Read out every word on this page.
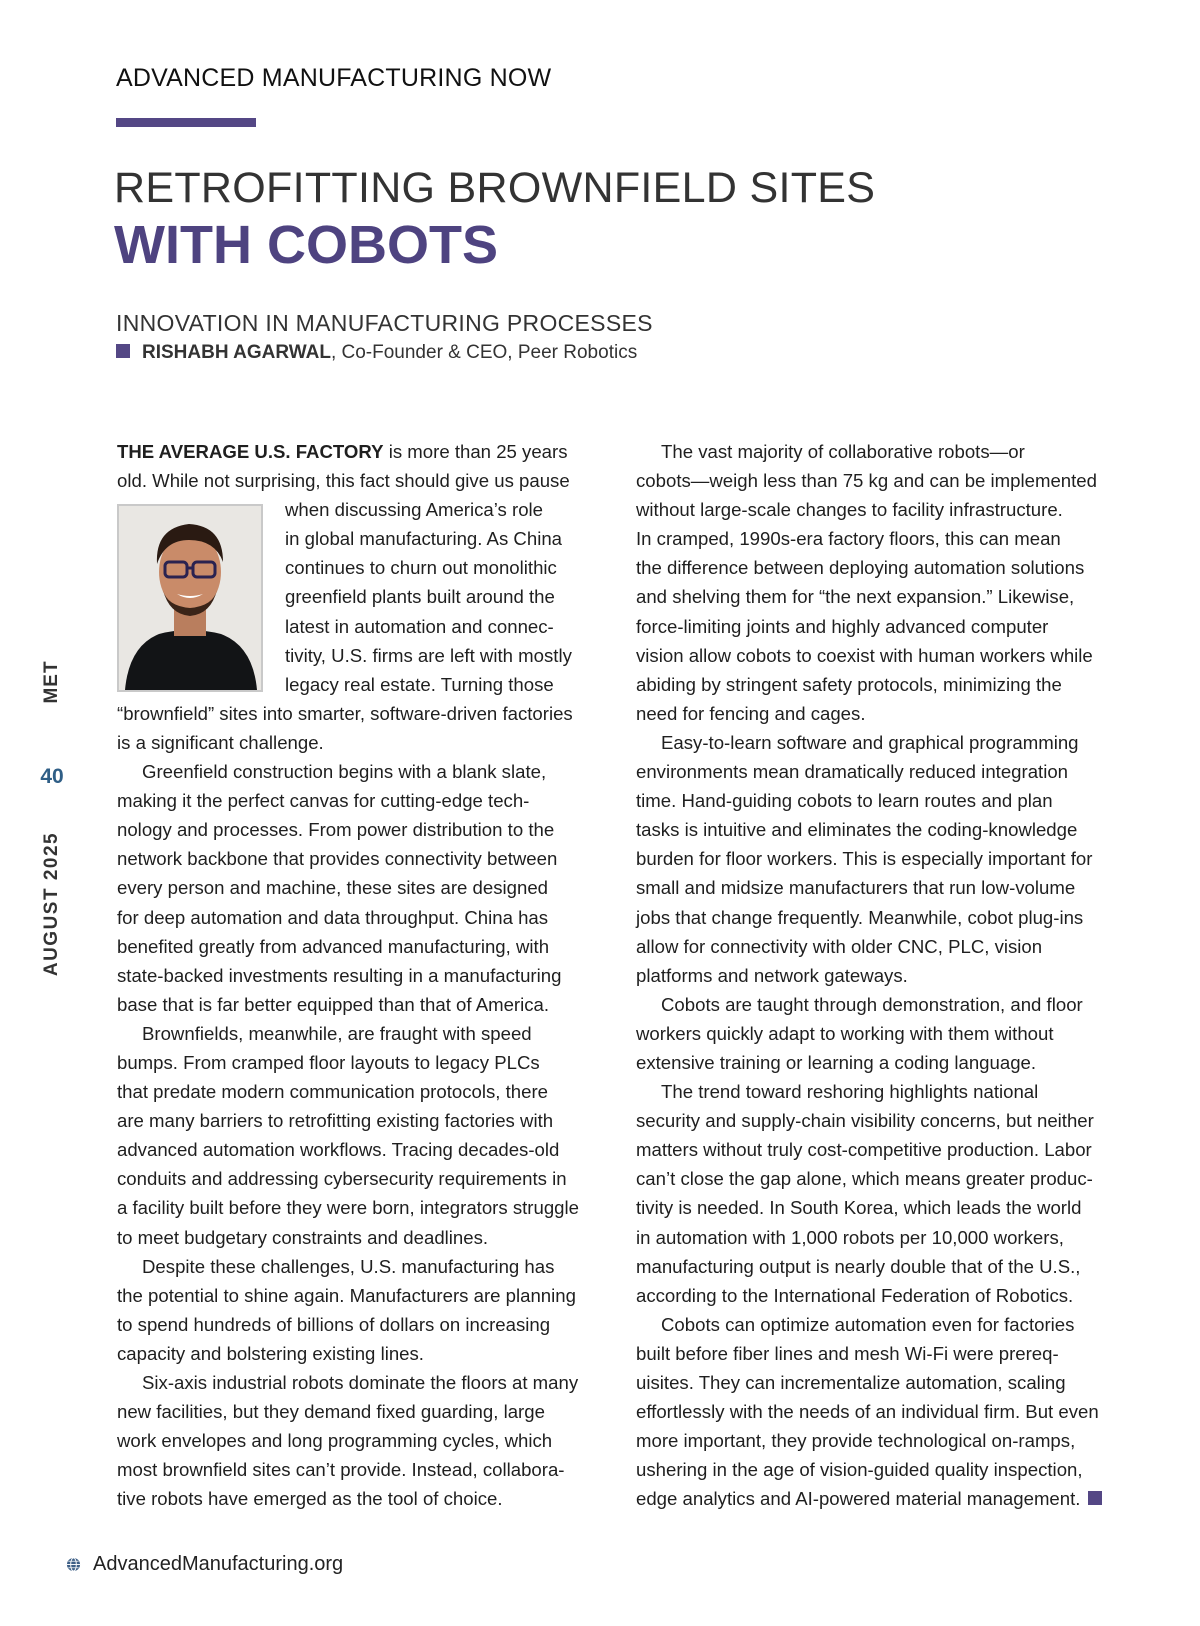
ADVANCED MANUFACTURING NOW
RETROFITTING BROWNFIELD SITES
WITH COBOTS
INNOVATION IN MANUFACTURING PROCESSES
RISHABH AGARWAL, Co-Founder & CEO, Peer Robotics
MET
40
AUGUST 2025

THE AVERAGE U.S. FACTORY is more than 25 years
old. While not surprising, this fact should give us pause
when discussing America’s role
in global manufacturing. As China
continues to churn out monolithic
greenfield plants built around the
latest in automation and connec-
tivity, U.S. firms are left with mostly
legacy real estate. Turning those
“brownfield” sites into smarter, software-driven factories
is a significant challenge.
Greenfield construction begins with a blank slate,
making it the perfect canvas for cutting-edge tech-
nology and processes. From power distribution to the
network backbone that provides connectivity between
every person and machine, these sites are designed
for deep automation and data throughput. China has
benefited greatly from advanced manufacturing, with
state-backed investments resulting in a manufacturing
base that is far better equipped than that of America.
Brownfields, meanwhile, are fraught with speed
bumps. From cramped floor layouts to legacy PLCs
that predate modern communication protocols, there
are many barriers to retrofitting existing factories with
advanced automation workflows. Tracing decades-old
conduits and addressing cybersecurity requirements in
a facility built before they were born, integrators struggle
to meet budgetary constraints and deadlines.
Despite these challenges, U.S. manufacturing has
the potential to shine again. Manufacturers are planning
to spend hundreds of billions of dollars on increasing
capacity and bolstering existing lines.
Six-axis industrial robots dominate the floors at many
new facilities, but they demand fixed guarding, large
work envelopes and long programming cycles, which
most brownfield sites can’t provide. Instead, collabora-
tive robots have emerged as the tool of choice.

The vast majority of collaborative robots—or
cobots—weigh less than 75 kg and can be implemented
without large-scale changes to facility infrastructure.
In cramped, 1990s-era factory floors, this can mean
the difference between deploying automation solutions
and shelving them for “the next expansion.” Likewise,
force-limiting joints and highly advanced computer
vision allow cobots to coexist with human workers while
abiding by stringent safety protocols, minimizing the
need for fencing and cages.
Easy-to-learn software and graphical programming
environments mean dramatically reduced integration
time. Hand-guiding cobots to learn routes and plan
tasks is intuitive and eliminates the coding-knowledge
burden for floor workers. This is especially important for
small and midsize manufacturers that run low-volume
jobs that change frequently. Meanwhile, cobot plug-ins
allow for connectivity with older CNC, PLC, vision
platforms and network gateways.
Cobots are taught through demonstration, and floor
workers quickly adapt to working with them without
extensive training or learning a coding language.
The trend toward reshoring highlights national
security and supply-chain visibility concerns, but neither
matters without truly cost-competitive production. Labor
can’t close the gap alone, which means greater produc-
tivity is needed. In South Korea, which leads the world
in automation with 1,000 robots per 10,000 workers,
manufacturing output is nearly double that of the U.S.,
according to the International Federation of Robotics.
Cobots can optimize automation even for factories
built before fiber lines and mesh Wi-Fi were prereq-
uisites. They can incrementalize automation, scaling
effortlessly with the needs of an individual firm. But even
more important, they provide technological on-ramps,
ushering in the age of vision-guided quality inspection,
edge analytics and AI-powered material management.

AdvancedManufacturing.org
